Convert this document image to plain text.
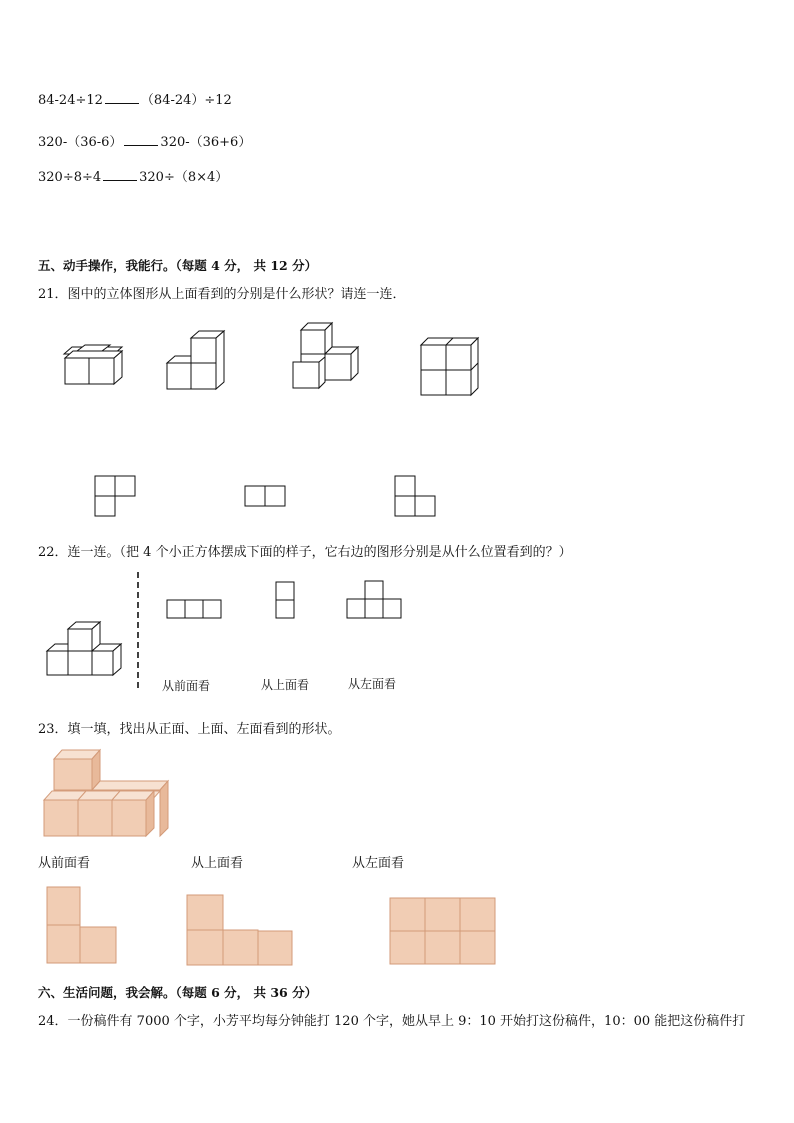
84-24÷12	（84-24）÷12
320-（36-6）	320-（36+6）
320÷8÷4	320÷（8×4）
五、动手操作，我能行。（每题 4 分， 共 12 分）
21．图中的立体图形从上面看到的分别是什么形状？请连一连．
22．连一连。（把 4 个小正方体摆成下面的样子，它右边的图形分别是从什么位置看到的？）
从前面看	从上面看	从左面看
23．填一填，找出从正面、上面、左面看到的形状。
从前面看	从上面看	从左面看
六、生活问题，我会解。（每题 6 分， 共 36 分）
24．一份稿件有 7000 个字，小芳平均每分钟能打 120 个字，她从早上 9：10 开始打这份稿件，10：00 能把这份稿件打
